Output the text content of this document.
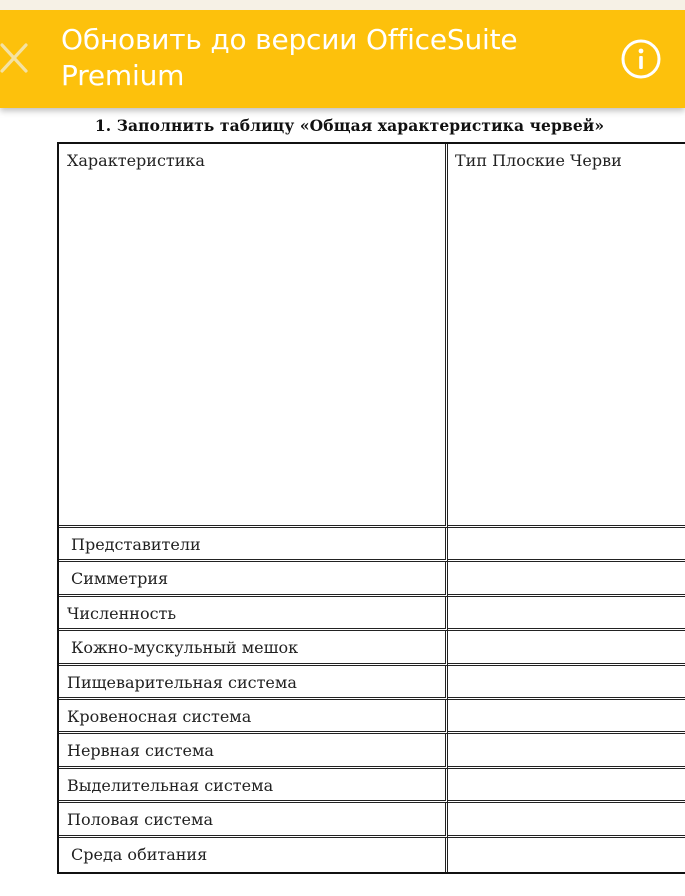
Обновить до версии OfficeSuite Premium
1. Заполнить таблицу «Общая характеристика червей»
Характеристика	Тип Плоские Черви
Представители	
Симметрия	
Численность	
Кожно-мускульный мешок	
Пищеварительная система	
Кровеносная система	
Нервная система	
Выделительная система	
Половая система	
Среда обитания	
